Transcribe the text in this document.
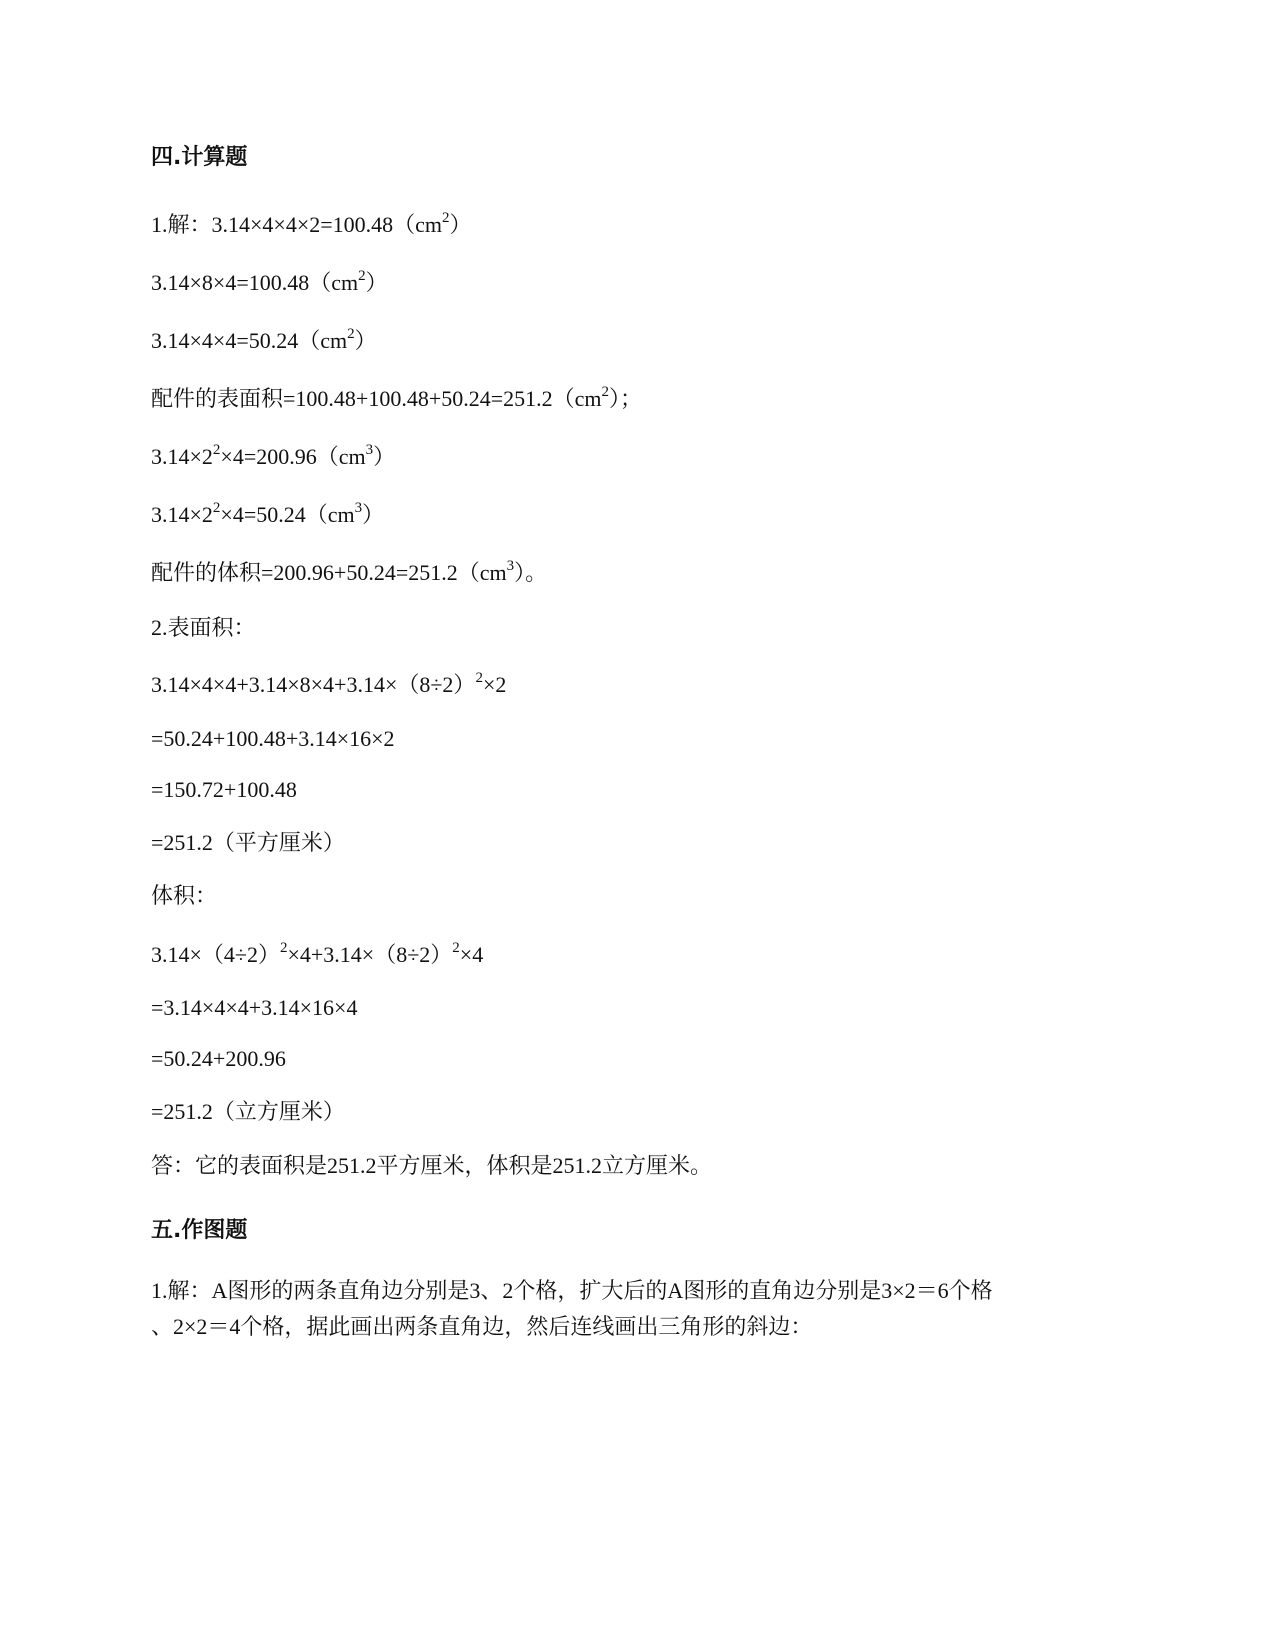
四.计算题
1.解：$3.14\times 4\times 4\times 2=100.48(cm^2)$
$3.14\times 8\times 4=100.48(cm^2)$
$3.14\times 4\times 4=50.24(cm^2)$
配件的表面积$=100.48+100.48+50.24=251.2(cm^2)$；
$3.14\times 2^2\times 4=200.96(cm^3)$
$3.14\times 2^2\times 4=50.24(cm^3)$
配件的体积$=200.96+50.24=251.2(cm^3)$。
2.表面积：
$3.14\times 4\times 4+3.14\times 8\times 4+3.14\times(8\div 2)^2\times 2$
=50.24+100.48+3.14×16×2
=150.72+100.48
=251.2（平方厘米）
体积：
$3.14\times(4\div 2)^2\times 4+3.14\times(8\div 2)^2\times 4$
=3.14×4×4+3.14×16×4
=50.24+200.96
=251.2（立方厘米）
答：它的表面积是251.2平方厘米，体积是251.2立方厘米。
五.作图题
1.解：A图形的两条直角边分别是3、2个格，扩大后的A图形的直角边分别是3×2＝6个格
、2×2＝4个格，据此画出两条直角边，然后连线画出三角形的斜边：
